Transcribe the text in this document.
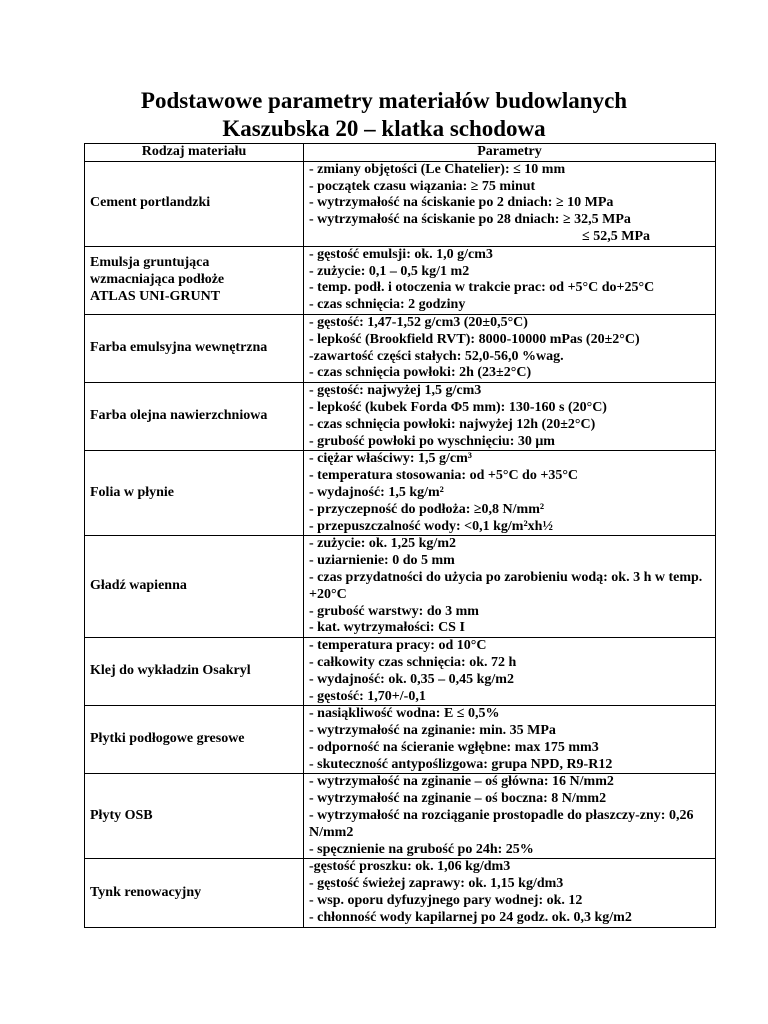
Podstawowe parametry materiałów budowlanych
Kaszubska 20 – klatka schodowa
Rodzaj materiału	Parametry

Cement portlandzki	- zmiany objętości (Le Chatelier): ≤ 10 mm
- początek czasu wiązania: ≥ 75 minut
- wytrzymałość na ściskanie po 2 dniach: ≥ 10 MPa
- wytrzymałość na ściskanie po 28 dniach: ≥ 32,5 MPa
≤ 52,5 MPa

Emulsja gruntująca
wzmacniająca podłoże
ATLAS UNI-GRUNT	- gęstość emulsji: ok. 1,0 g/cm3
- zużycie: 0,1 – 0,5 kg/1 m2
- temp. podł. i otoczenia w trakcie prac: od +5°C do+25°C
- czas schnięcia: 2 godziny

Farba emulsyjna wewnętrzna	- gęstość: 1,47-1,52 g/cm3 (20±0,5°C)
- lepkość (Brookfield RVT): 8000-10000 mPas (20±2°C)
-zawartość części stałych: 52,0-56,0 %wag.
- czas schnięcia powłoki: 2h (23±2°C)

Farba olejna nawierzchniowa	- gęstość: najwyżej 1,5 g/cm3
- lepkość (kubek Forda Φ5 mm): 130-160 s (20°C)
- czas schnięcia powłoki: najwyżej 12h (20±2°C)
- grubość powłoki po wyschnięciu: 30 μm

Folia w płynie	- ciężar właściwy: 1,5 g/cm³
- temperatura stosowania: od +5°C do +35°C
- wydajność: 1,5 kg/m²
- przyczepność do podłoża: ≥0,8 N/mm²
- przepuszczalność wody: <0,1 kg/m²xh½

Gładź wapienna	- zużycie: ok. 1,25 kg/m2
- uziarnienie: 0 do 5 mm
- czas przydatności do użycia po zarobieniu wodą: ok. 3 h w temp. +20°C
- grubość warstwy: do 3 mm
- kat. wytrzymałości: CS I

Klej do wykładzin Osakryl	- temperatura pracy: od 10°C
- całkowity czas schnięcia: ok. 72 h
- wydajność: ok. 0,35 – 0,45 kg/m2
- gęstość: 1,70+/-0,1

Płytki podłogowe gresowe	- nasiąkliwość wodna: E ≤ 0,5%
- wytrzymałość na zginanie: min. 35 MPa
- odporność na ścieranie wgłębne: max 175 mm3
- skuteczność antypoślizgowa: grupa NPD, R9-R12

Płyty OSB	- wytrzymałość na zginanie – oś główna: 16 N/mm2
- wytrzymałość na zginanie – oś boczna: 8 N/mm2
- wytrzymałość na rozciąganie prostopadle do płaszczy-zny: 0,26 N/mm2
- spęcznienie na grubość po 24h: 25%

Tynk renowacyjny	-gęstość proszku: ok. 1,06 kg/dm3
- gęstość świeżej zaprawy: ok. 1,15 kg/dm3
- wsp. oporu dyfuzyjnego pary wodnej: ok. 12
- chłonność wody kapilarnej po 24 godz. ok. 0,3 kg/m2
